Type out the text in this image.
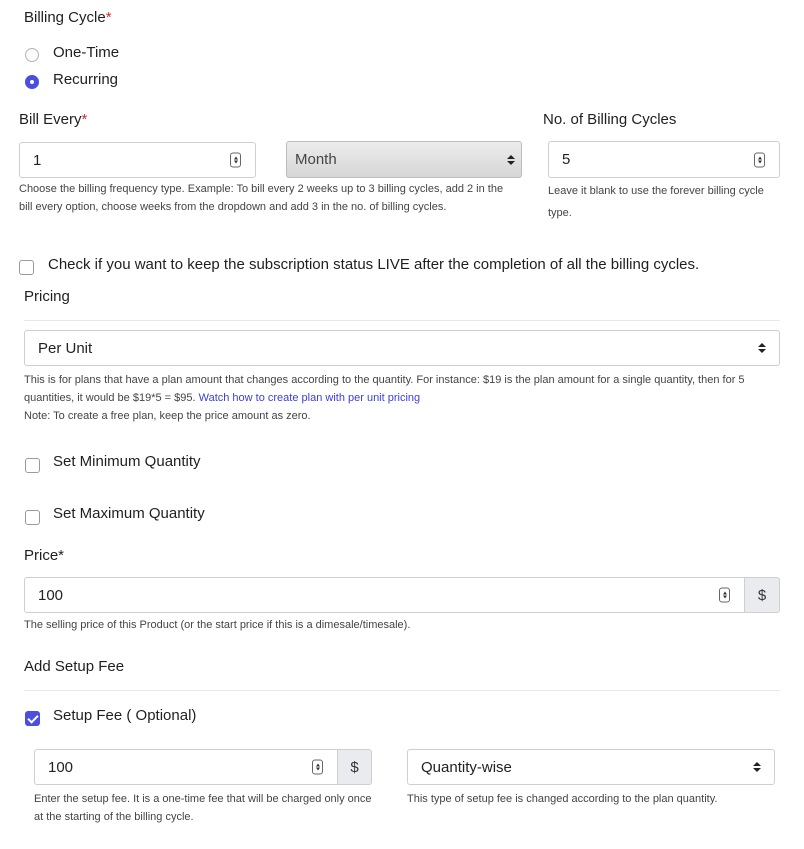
Billing Cycle*
One-Time
Recurring
Bill Every*
1	Month
Choose the billing frequency type. Example: To bill every 2 weeks up to 3 billing cycles, add 2 in the bill every option, choose weeks from the dropdown and add 3 in the no. of billing cycles.
No. of Billing Cycles
5
Leave it blank to use the forever billing cycle type.
Check if you want to keep the subscription status LIVE after the completion of all the billing cycles.
Pricing
Per Unit
This is for plans that have a plan amount that changes according to the quantity. For instance: $19 is the plan amount for a single quantity, then for 5 quantities, it would be $19*5 = $95. Watch how to create plan with per unit pricing
Note: To create a free plan, keep the price amount as zero.
Set Minimum Quantity
Set Maximum Quantity
Price*
100	$
The selling price of this Product (or the start price if this is a dimesale/timesale).
Add Setup Fee
Setup Fee ( Optional)
100	$	Quantity-wise
Enter the setup fee. It is a one-time fee that will be charged only once at the starting of the billing cycle.
This type of setup fee is changed according to the plan quantity.
